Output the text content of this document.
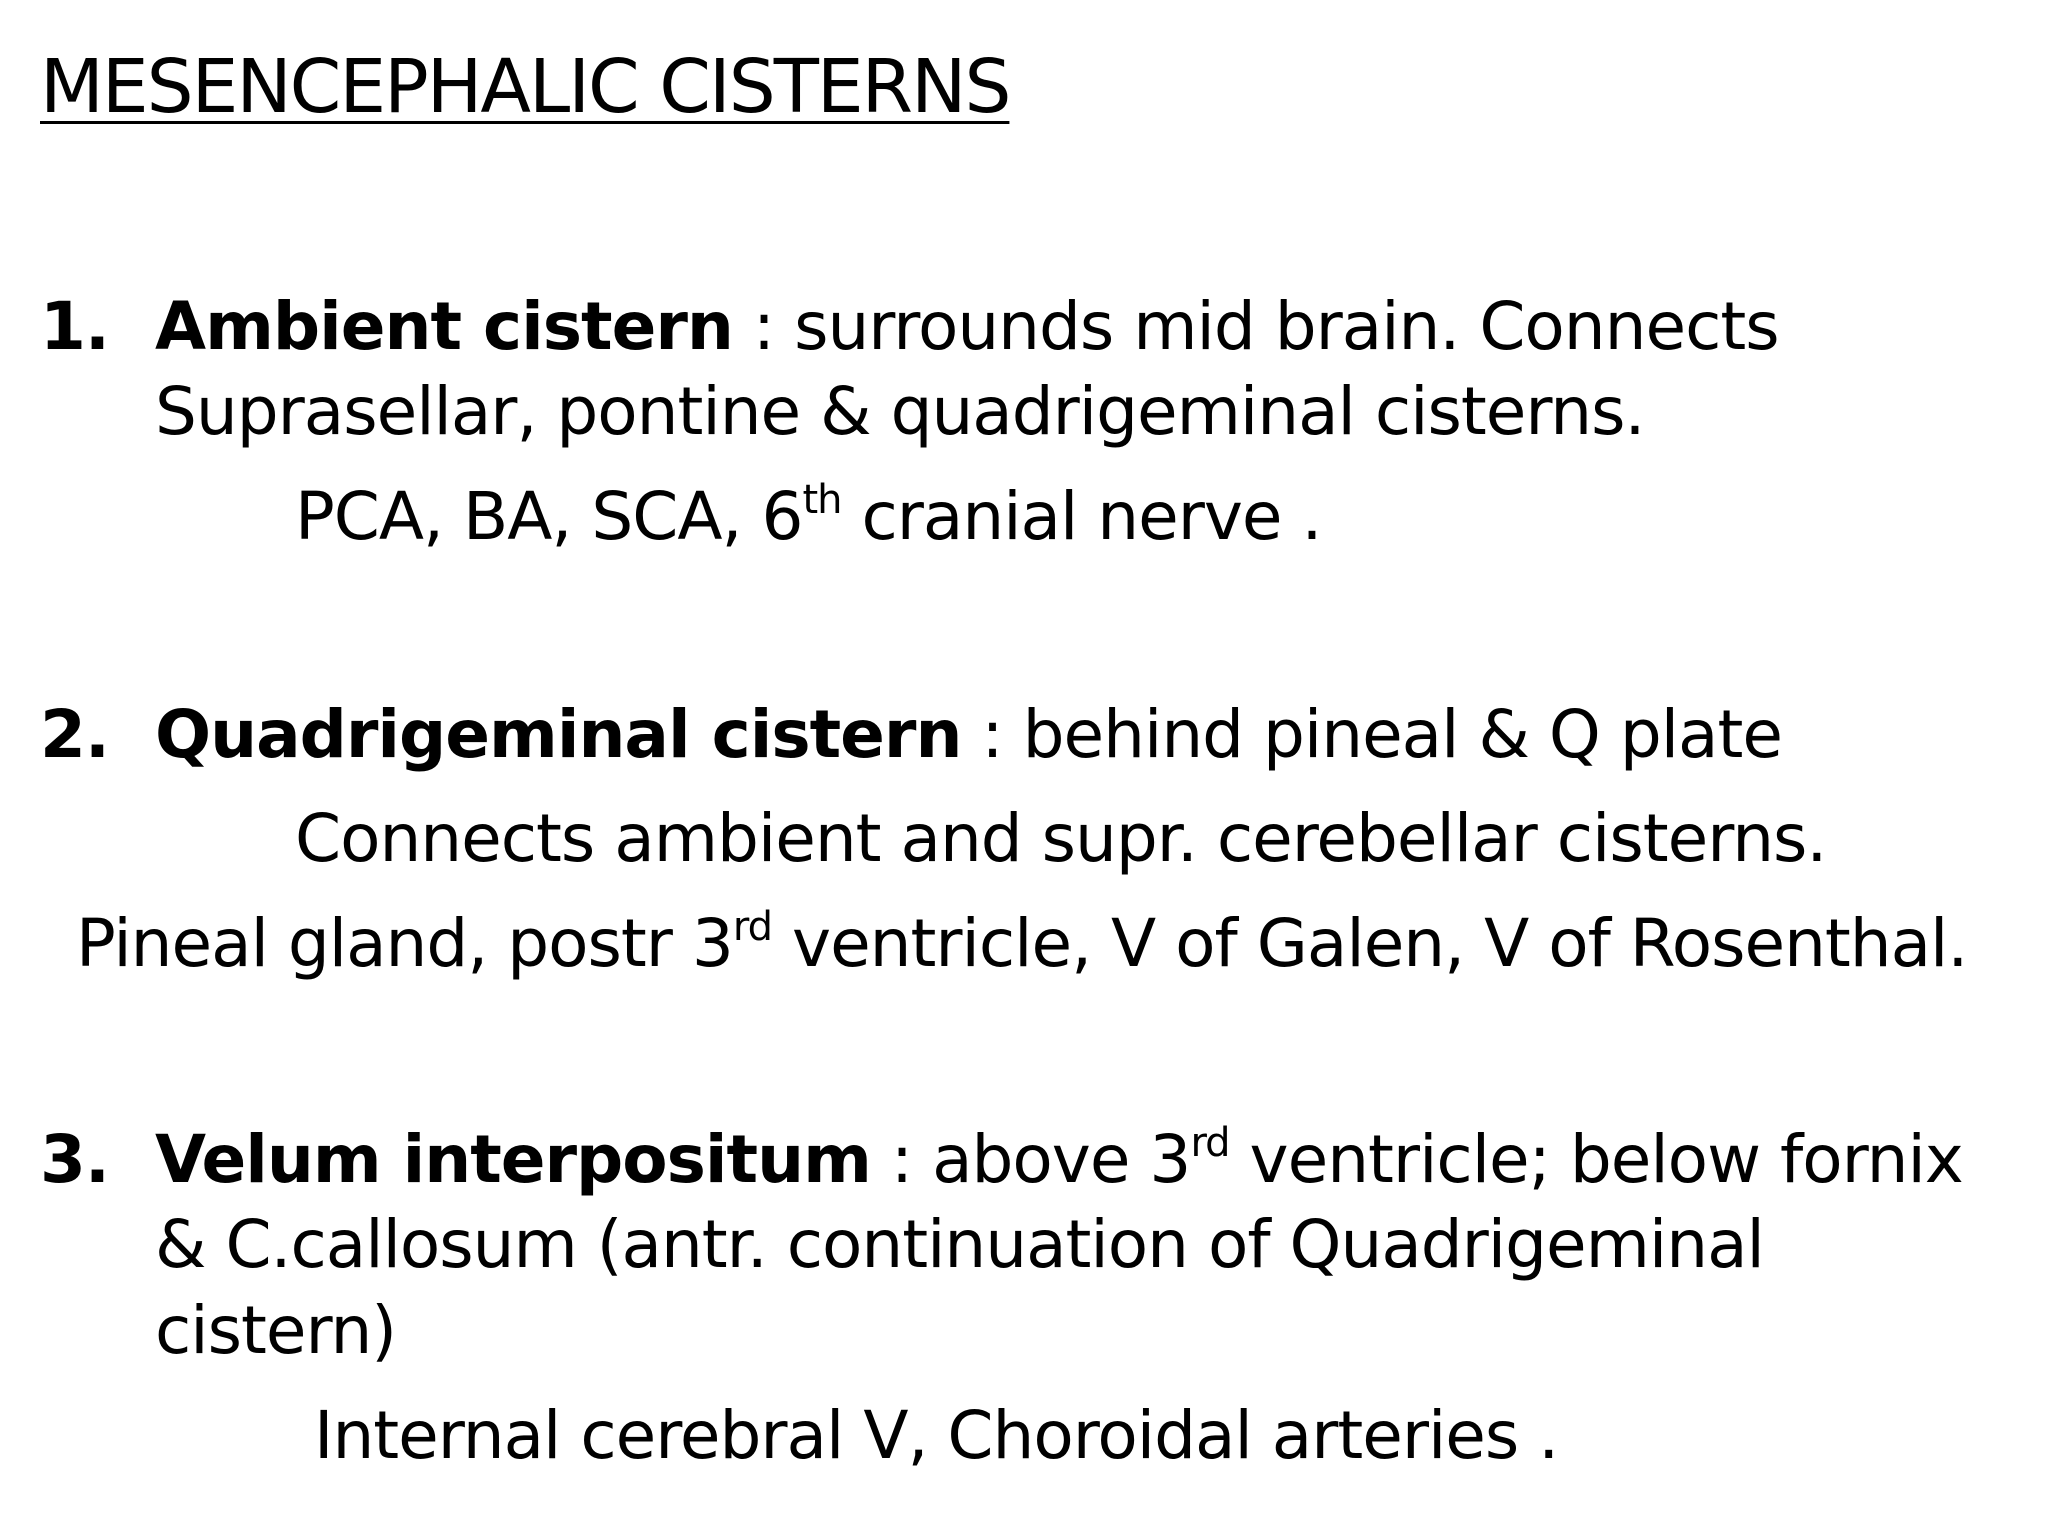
MESENCEPHALIC CISTERNS
1. Ambient cistern : surrounds mid brain. Connects
Suprasellar, pontine & quadrigeminal cisterns.
PCA, BA, SCA, 6th cranial nerve .
2. Quadrigeminal cistern : behind pineal & Q plate
Connects ambient and supr. cerebellar cisterns.
Pineal gland, postr 3rd ventricle, V of Galen, V of Rosenthal.
3. Velum interpositum : above 3rd ventricle; below fornix
& C.callosum (antr. continuation of Quadrigeminal
cistern)
Internal cerebral V, Choroidal arteries .
